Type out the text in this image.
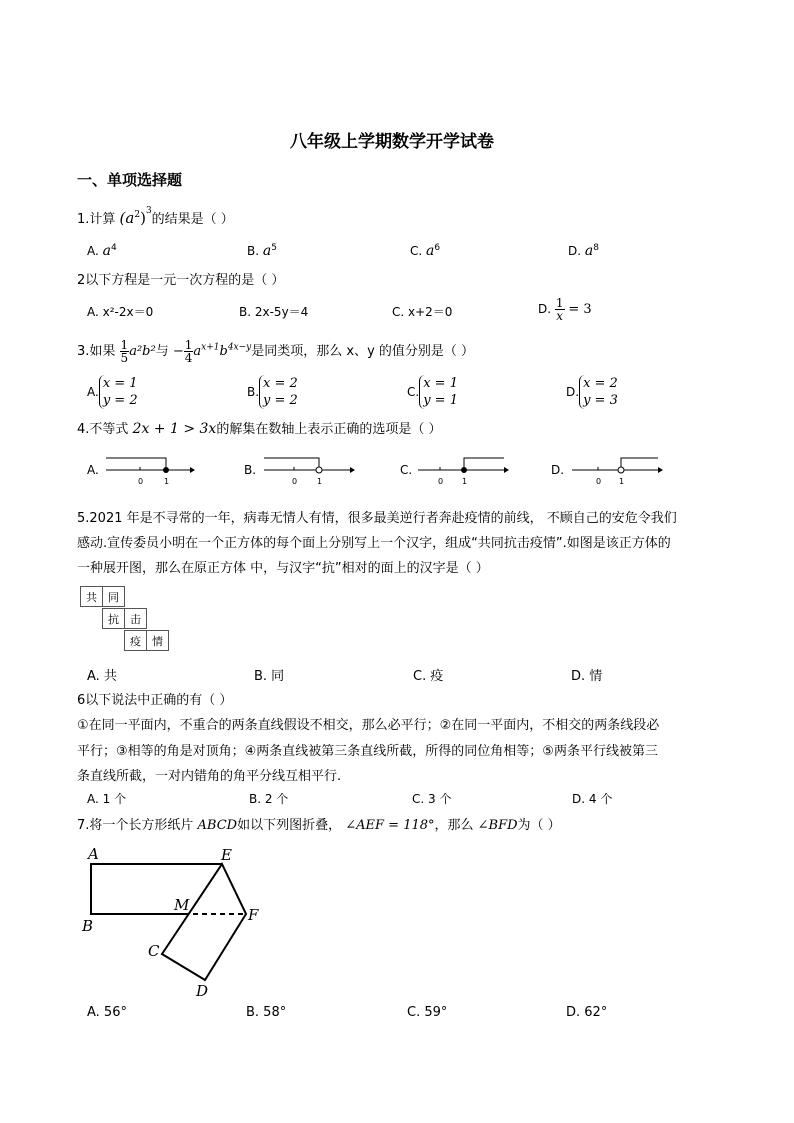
八年级上学期数学开学试卷
一、单项选择题
1.计算 $(a^2)^3$的结果是（ ）
A. $a^4$	B. $a^5$	C. $a^6$	D. $a^8$
2以下方程是一元一次方程的是（ ）
A. x²-2x＝0	B. 2x-5y＝4	C. x+2＝0	D. $\frac{1}{x} = 3$
3.如果 $\frac{1}{5} a^2b^2$与 − $\frac{1}{4} a^{x+1}b^{4x-y}$是同类项，那么 x、y 的值分别是（ ）
A.x = 1
y = 2
B.x = 2
y = 2
C.x = 1
y = 1
D.x = 2
y = 3
4.不等式 2x + 1 > 3x的解集在数轴上表示正确的选项是（ ）
A.
0	1
B.
0 1
C.
0 1
D.
0 1
5.2021 年是不寻常的一年，病毒无情人有情，很多最美逆行者奔赴疫情的前线， 不顾自己的安危令我们
感动.宣传委员小明在一个正方体的每个面上分别写上一个汉字，组成“共同抗击疫情”.如图是该正方体的
一种展开图，那么在原正方体 中，与汉字“抗”相对的面上的汉字是（ ）
共	同
抗	击
疫	情
A. 共	B. 同	C. 疫	D. 情
6以下说法中正确的有（ ）
①在同一平面内，不重合的两条直线假设不相交，那么必平行；②在同一平面内，不相交的两条线段必
平行；③相等的角是对顶角；④两条直线被第三条直线所截，所得的同位角相等；⑤两条平行线被第三
条直线所截，一对内错角的角平分线互相平行.
A. 1 个	B. 2 个	C. 3 个	D. 4 个
7.将一个长方形纸片 ABCD如以下列图折叠， ∠AEF = 118°，那么 ∠BFD为（ ）
A
B
E
M
F
C
D
A. 56°	B. 58°	C. 59°	D. 62°
